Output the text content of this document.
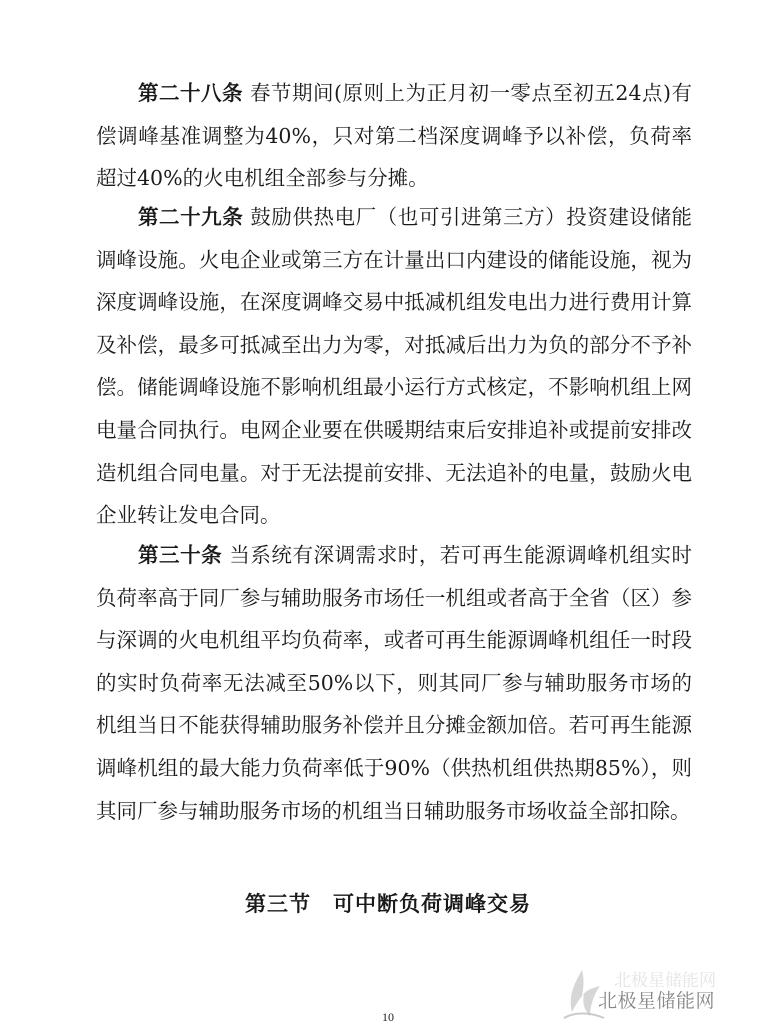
第二十八条 春节期间(原则上为正月初一零点至初五24点)有偿调峰基准调整为40%，只对第二档深度调峰予以补偿，负荷率超过40%的火电机组全部参与分摊。

第二十九条 鼓励供热电厂（也可引进第三方）投资建设储能调峰设施。火电企业或第三方在计量出口内建设的储能设施，视为深度调峰设施，在深度调峰交易中抵减机组发电出力进行费用计算及补偿，最多可抵减至出力为零，对抵减后出力为负的部分不予补偿。储能调峰设施不影响机组最小运行方式核定，不影响机组上网电量合同执行。电网企业要在供暖期结束后安排追补或提前安排改造机组合同电量。对于无法提前安排、无法追补的电量，鼓励火电企业转让发电合同。

第三十条 当系统有深调需求时，若可再生能源调峰机组实时负荷率高于同厂参与辅助服务市场任一机组或者高于全省（区）参与深调的火电机组平均负荷率，或者可再生能源调峰机组任一时段的实时负荷率无法减至50%以下，则其同厂参与辅助服务市场的机组当日不能获得辅助服务补偿并且分摊金额加倍。若可再生能源调峰机组的最大能力负荷率低于90%（供热机组供热期85%），则其同厂参与辅助服务市场的机组当日辅助服务市场收益全部扣除。

第三节　可中断负荷调峰交易
北极星储能网
北极星储能网
10
